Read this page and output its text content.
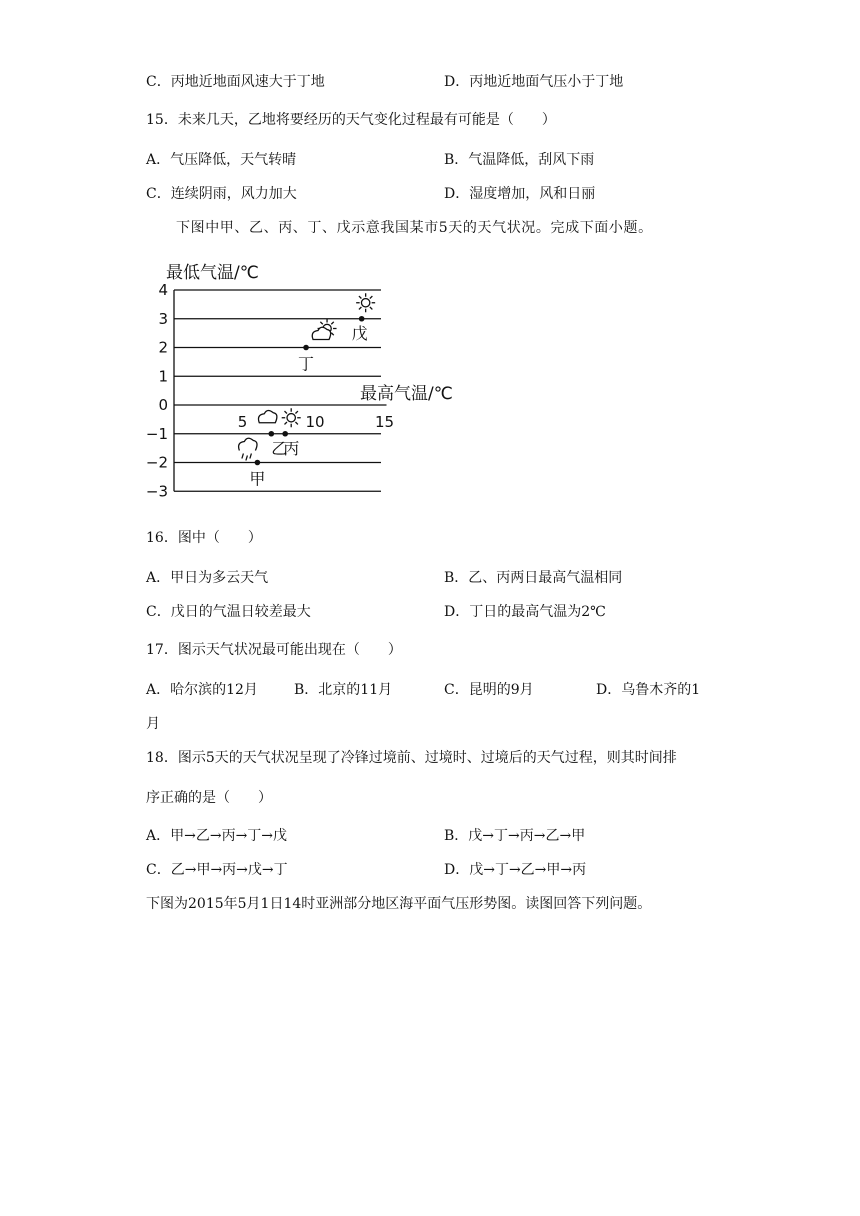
C．丙地近地面风速大于丁地	D．丙地近地面气压小于丁地
15．未来几天，乙地将要经历的天气变化过程最有可能是（　　）
A．气压降低，天气转晴	B．气温降低，刮风下雨
C．连续阴雨，风力加大	D．湿度增加，风和日丽
下图中甲、乙、丙、丁、戊示意我国某市5天的天气状况。完成下面小题。
最低气温/℃
4
3
2
1
0
−1
−2
−3
5	10	15
最高气温/℃
甲
乙
丙
丁
戊
16．图中（　　）
A．甲日为多云天气	B．乙、丙两日最高气温相同
C．戊日的气温日较差最大	D．丁日的最高气温为2℃
17．图示天气状况最可能出现在（　　）
A．哈尔滨的12月	B．北京的11月	C．昆明的9月	D．乌鲁木齐的1
月
18．图示5天的天气状况呈现了冷锋过境前、过境时、过境后的天气过程，则其时间排
序正确的是（　　）
A．甲→乙→丙→丁→戊	B．戊→丁→丙→乙→甲
C．乙→甲→丙→戊→丁	D．戊→丁→乙→甲→丙
下图为2015年5月1日14时亚洲部分地区海平面气压形势图。读图回答下列问题。
